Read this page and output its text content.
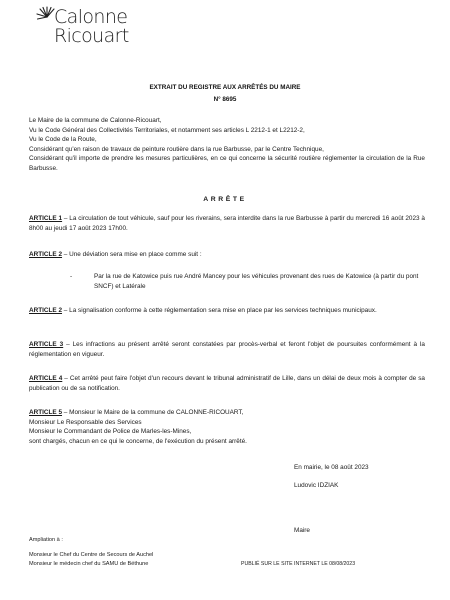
Calonne
Ricouart
EXTRAIT DU REGISTRE AUX ARRÊTÉS DU MAIRE
N° 8695
Le Maire de la commune de Calonne-Ricouart,
Vu le Code Général des Collectivités Territoriales, et notamment ses articles L 2212-1 et L2212-2,
Vu le Code de la Route,
Considérant qu'en raison de travaux de peinture routière dans la rue Barbusse, par le Centre Technique,
Considérant qu'il importe de prendre les mesures particulières, en ce qui concerne la sécurité routière réglementer la circulation de la Rue Barbusse.
ARRÊTE
ARTICLE 1 – La circulation de tout véhicule, sauf pour les riverains, sera interdite dans la rue Barbusse à partir du mercredi 16 août 2023 à 8h00 au jeudi 17 août 2023 17h00.
ARTICLE 2 – Une déviation sera mise en place comme suit :
-	Par la rue de Katowice puis rue André Mancey pour les véhicules provenant des rues de Katowice (à partir du pont SNCF) et Latérale
ARTICLE 2 – La signalisation conforme à cette réglementation sera mise en place par les services techniques municipaux.
ARTICLE 3 – Les infractions au présent arrêté seront constatées par procès-verbal et feront l'objet de poursuites conformément à la réglementation en vigueur.
ARTICLE 4 – Cet arrêté peut faire l'objet d'un recours devant le tribunal administratif de Lille, dans un délai de deux mois à compter de sa publication ou de sa notification.
ARTICLE 5 – Monsieur le Maire de la commune de CALONNE-RICOUART,
Monsieur Le Responsable des Services
Monsieur le Commandant de Police de Marles-les-Mines,
sont chargés, chacun en ce qui le concerne, de l'exécution du présent arrêté.
En mairie, le 08 août 2023
Ludovic IDZIAK
Maire
Ampliation à :
Monsieur le Chef du Centre de Secours de Auchel
Monsieur le médecin chef du SAMU de Béthune	PUBLIÉ SUR LE SITE INTERNET LE 08/08/2023
